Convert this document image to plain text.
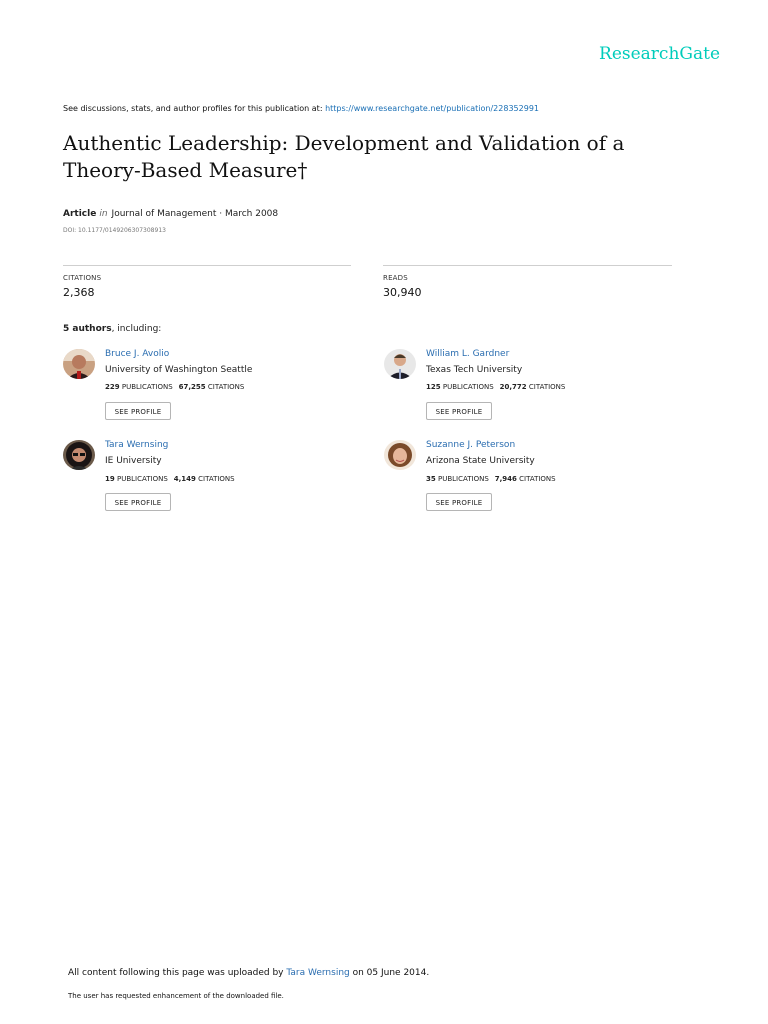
ResearchGate
See discussions, stats, and author profiles for this publication at: https://www.researchgate.net/publication/228352991
Authentic Leadership: Development and Validation of a
Theory-Based Measure†
Article in Journal of Management · March 2008
DOI: 10.1177/0149206307308913
CITATIONS
2,368
READS
30,940
5 authors, including:
Bruce J. Avolio
University of Washington Seattle
229 PUBLICATIONS 67,255 CITATIONS
SEE PROFILE
William L. Gardner
Texas Tech University
125 PUBLICATIONS 20,772 CITATIONS
SEE PROFILE
Tara Wernsing
IE University
19 PUBLICATIONS 4,149 CITATIONS
SEE PROFILE
Suzanne J. Peterson
Arizona State University
35 PUBLICATIONS 7,946 CITATIONS
SEE PROFILE
All content following this page was uploaded by Tara Wernsing on 05 June 2014.
The user has requested enhancement of the downloaded file.
